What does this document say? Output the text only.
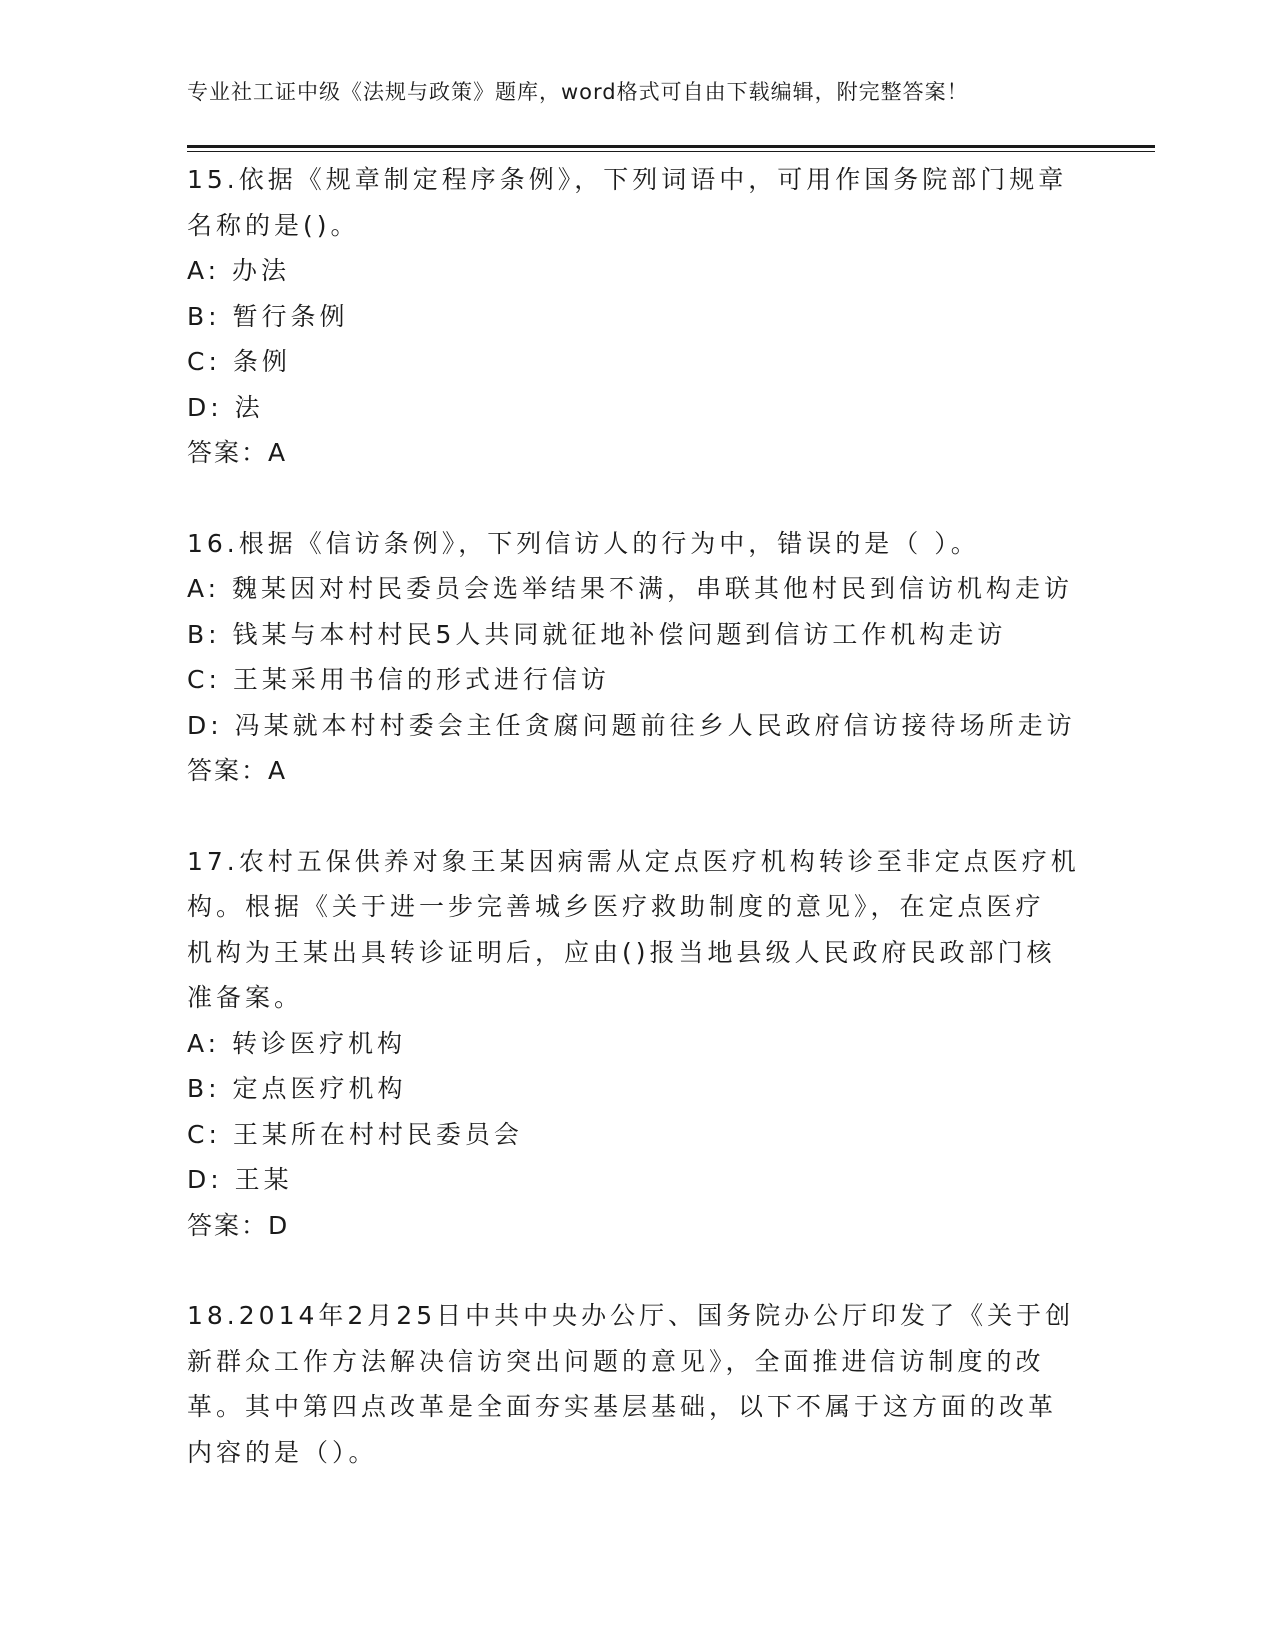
专业社工证中级《法规与政策》题库，word格式可自由下载编辑，附完整答案！
15.依据《规章制定程序条例》，下列词语中，可用作国务院部门规章
名称的是()。
A: 办法
B: 暂行条例
C: 条例
D: 法
答案：A
16.根据《信访条例》，下列信访人的行为中，错误的是（ ）。
A: 魏某因对村民委员会选举结果不满，串联其他村民到信访机构走访
B: 钱某与本村村民5人共同就征地补偿问题到信访工作机构走访
C: 王某采用书信的形式进行信访
D: 冯某就本村村委会主任贪腐问题前往乡人民政府信访接待场所走访
答案：A
17.农村五保供养对象王某因病需从定点医疗机构转诊至非定点医疗机
构。根据《关于进一步完善城乡医疗救助制度的意见》，在定点医疗
机构为王某出具转诊证明后，应由()报当地县级人民政府民政部门核
准备案。
A: 转诊医疗机构
B: 定点医疗机构
C: 王某所在村村民委员会
D: 王某
答案：D
18.2014年2月25日中共中央办公厅、国务院办公厅印发了《关于创
新群众工作方法解决信访突出问题的意见》，全面推进信访制度的改
革。其中第四点改革是全面夯实基层基础，以下不属于这方面的改革
内容的是（）。
